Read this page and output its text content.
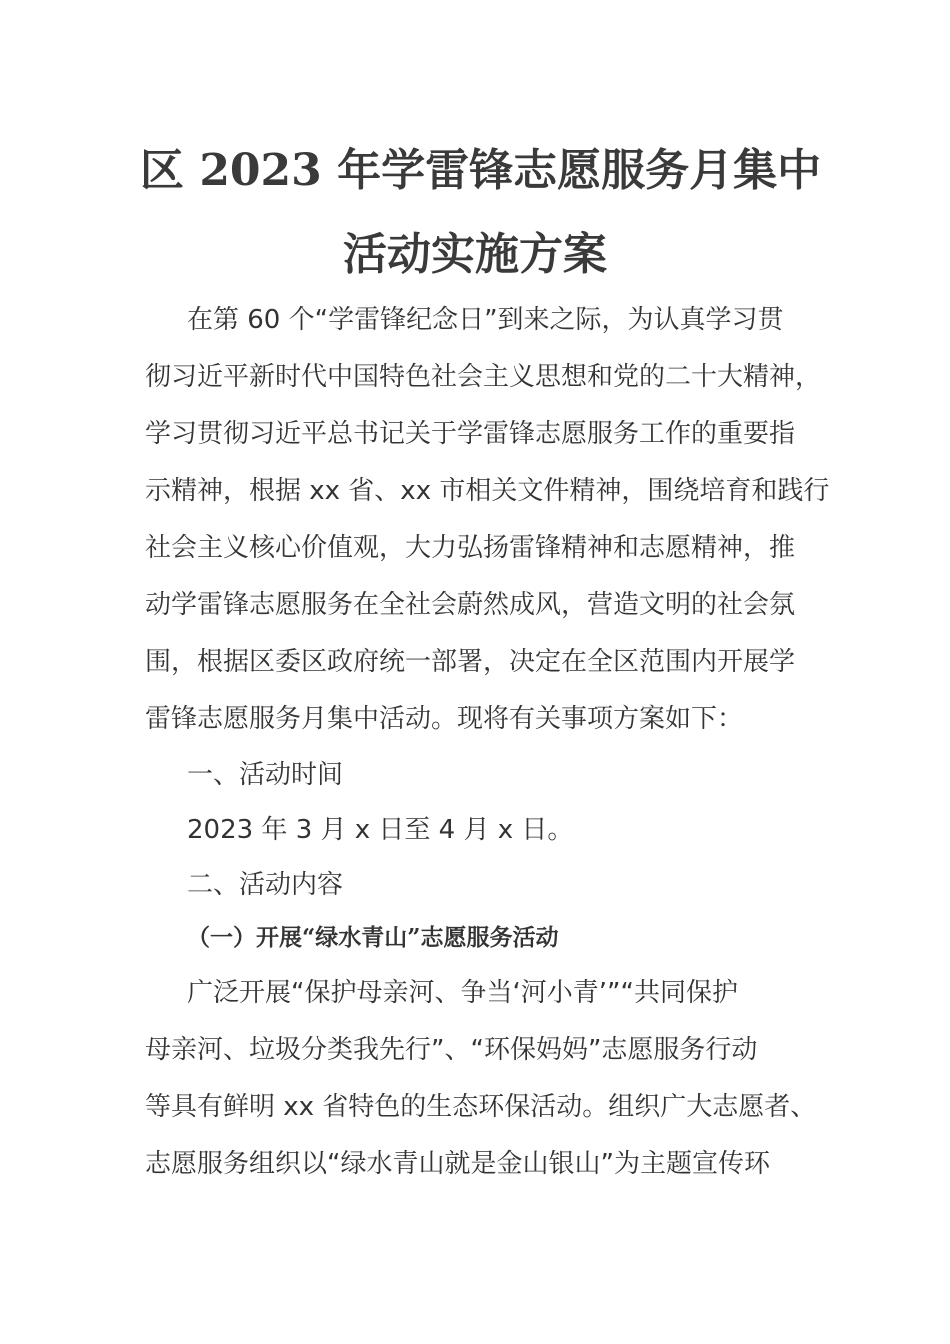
区 2023 年学雷锋志愿服务月集中
活动实施方案
在第 60 个“学雷锋纪念日”到来之际，为认真学习贯
彻习近平新时代中国特色社会主义思想和党的二十大精神，
学习贯彻习近平总书记关于学雷锋志愿服务工作的重要指
示精神，根据 xx 省、xx 市相关文件精神，围绕培育和践行
社会主义核心价值观，大力弘扬雷锋精神和志愿精神，推
动学雷锋志愿服务在全社会蔚然成风，营造文明的社会氛
围，根据区委区政府统一部署，决定在全区范围内开展学
雷锋志愿服务月集中活动。现将有关事项方案如下：
一、活动时间
2023 年 3 月 x 日至 4 月 x 日。
二、活动内容
（一）开展“绿水青山”志愿服务活动
广泛开展“保护母亲河、争当‘河小青’”“共同保护
母亲河、垃圾分类我先行”、“环保妈妈”志愿服务行动
等具有鲜明 xx 省特色的生态环保活动。组织广大志愿者、
志愿服务组织以“绿水青山就是金山银山”为主题宣传环
